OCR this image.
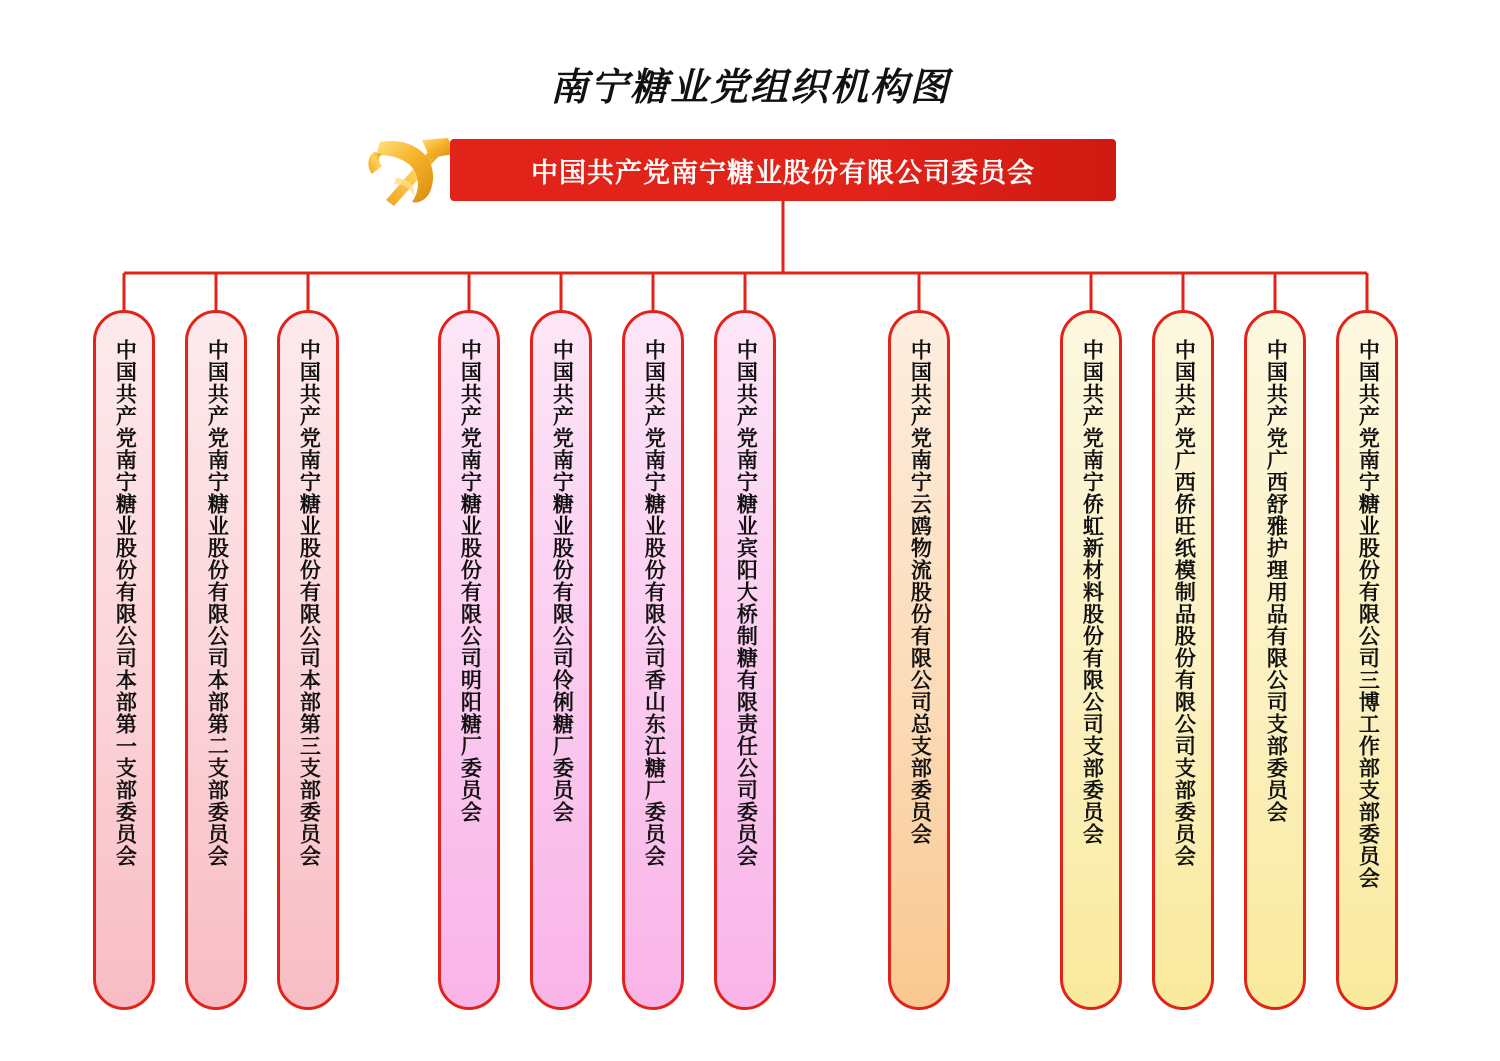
南宁糖业党组织机构图
中国共产党南宁糖业股份有限公司委员会
中国共产党南宁糖业股份有限公司本部第一支部委员会	中国共产党南宁糖业股份有限公司本部第二支部委员会	中国共产党南宁糖业股份有限公司本部第三支部委员会	中国共产党南宁糖业股份有限公司明阳糖厂委员会	中国共产党南宁糖业股份有限公司伶俐糖厂委员会	中国共产党南宁糖业股份有限公司香山东江糖厂委员会	中国共产党南宁糖业宾阳大桥制糖有限责任公司委员会	中国共产党南宁云鸥物流股份有限公司总支部委员会	中国共产党南宁侨虹新材料股份有限公司支部委员会	中国共产党广西侨旺纸模制品股份有限公司支部委员会	中国共产党广西舒雅护理用品有限公司支部委员会	中国共产党南宁糖业股份有限公司三博工作部支部委员会
